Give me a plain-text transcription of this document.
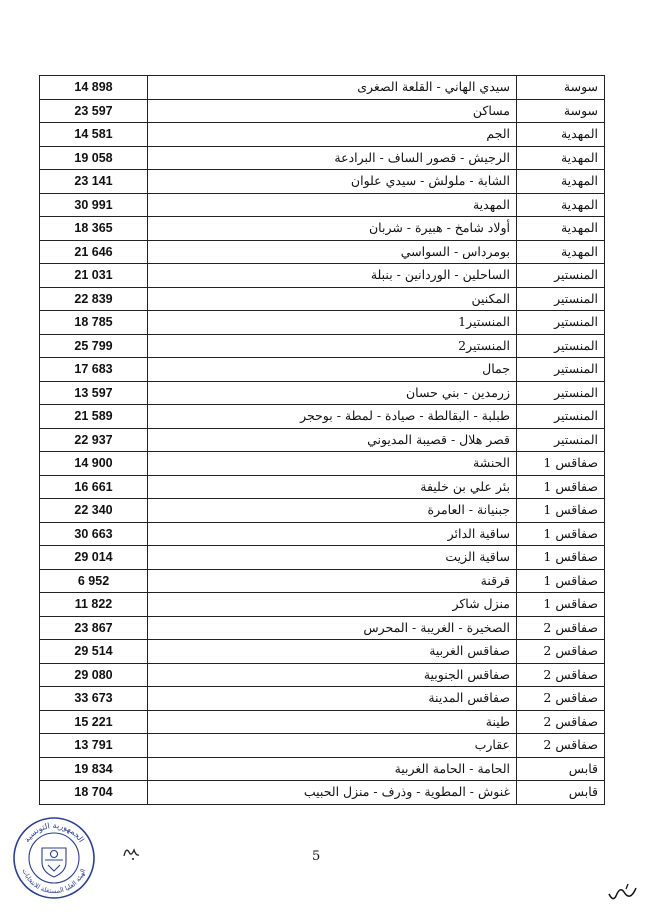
14 898	سيدي الهاني - القلعة الصغرى	سوسة
23 597	مساكن	سوسة
14 581	الجم	المهدية
19 058	الرجيش - قصور الساف - البرادعة	المهدية
23 141	الشابة - ملولش - سيدي علوان	المهدية
30 991	المهدية	المهدية
18 365	أولاد شامخ - هبيرة - شربان	المهدية
21 646	بومرداس - السواسي	المهدية
21 031	الساحلين - الوردانين - بنبلة	المنستير
22 839	المكنين	المنستير
18 785	المنستير1	المنستير
25 799	المنستير2	المنستير
17 683	جمال	المنستير
13 597	زرمدين - بني حسان	المنستير
21 589	طبلبة - البقالطة - صيادة - لمطة - بوحجر	المنستير
22 937	قصر هلال - قصيبة المديوني	المنستير
14 900	الحنشة	صفاقس 1
16 661	بئر علي بن خليفة	صفاقس 1
22 340	جبنيانة - العامرة	صفاقس 1
30 663	ساقية الدائر	صفاقس 1
29 014	ساقية الزيت	صفاقس 1
6 952	قرقنة	صفاقس 1
11 822	منزل شاكر	صفاقس 1
23 867	الصخيرة - الغريبة - المحرس	صفاقس 2
29 514	صفاقس الغربية	صفاقس 2
29 080	صفاقس الجنوبية	صفاقس 2
33 673	صفاقس المدينة	صفاقس 2
15 221	طينة	صفاقس 2
13 791	عقارب	صفاقس 2
19 834	الحامة - الحامة الغربية	قابس
18 704	غنوش - المطوية - وذرف - منزل الحبيب	قابس
5
الجمهورية التونسية
الهيئة العليا المستقلة للانتخابات
